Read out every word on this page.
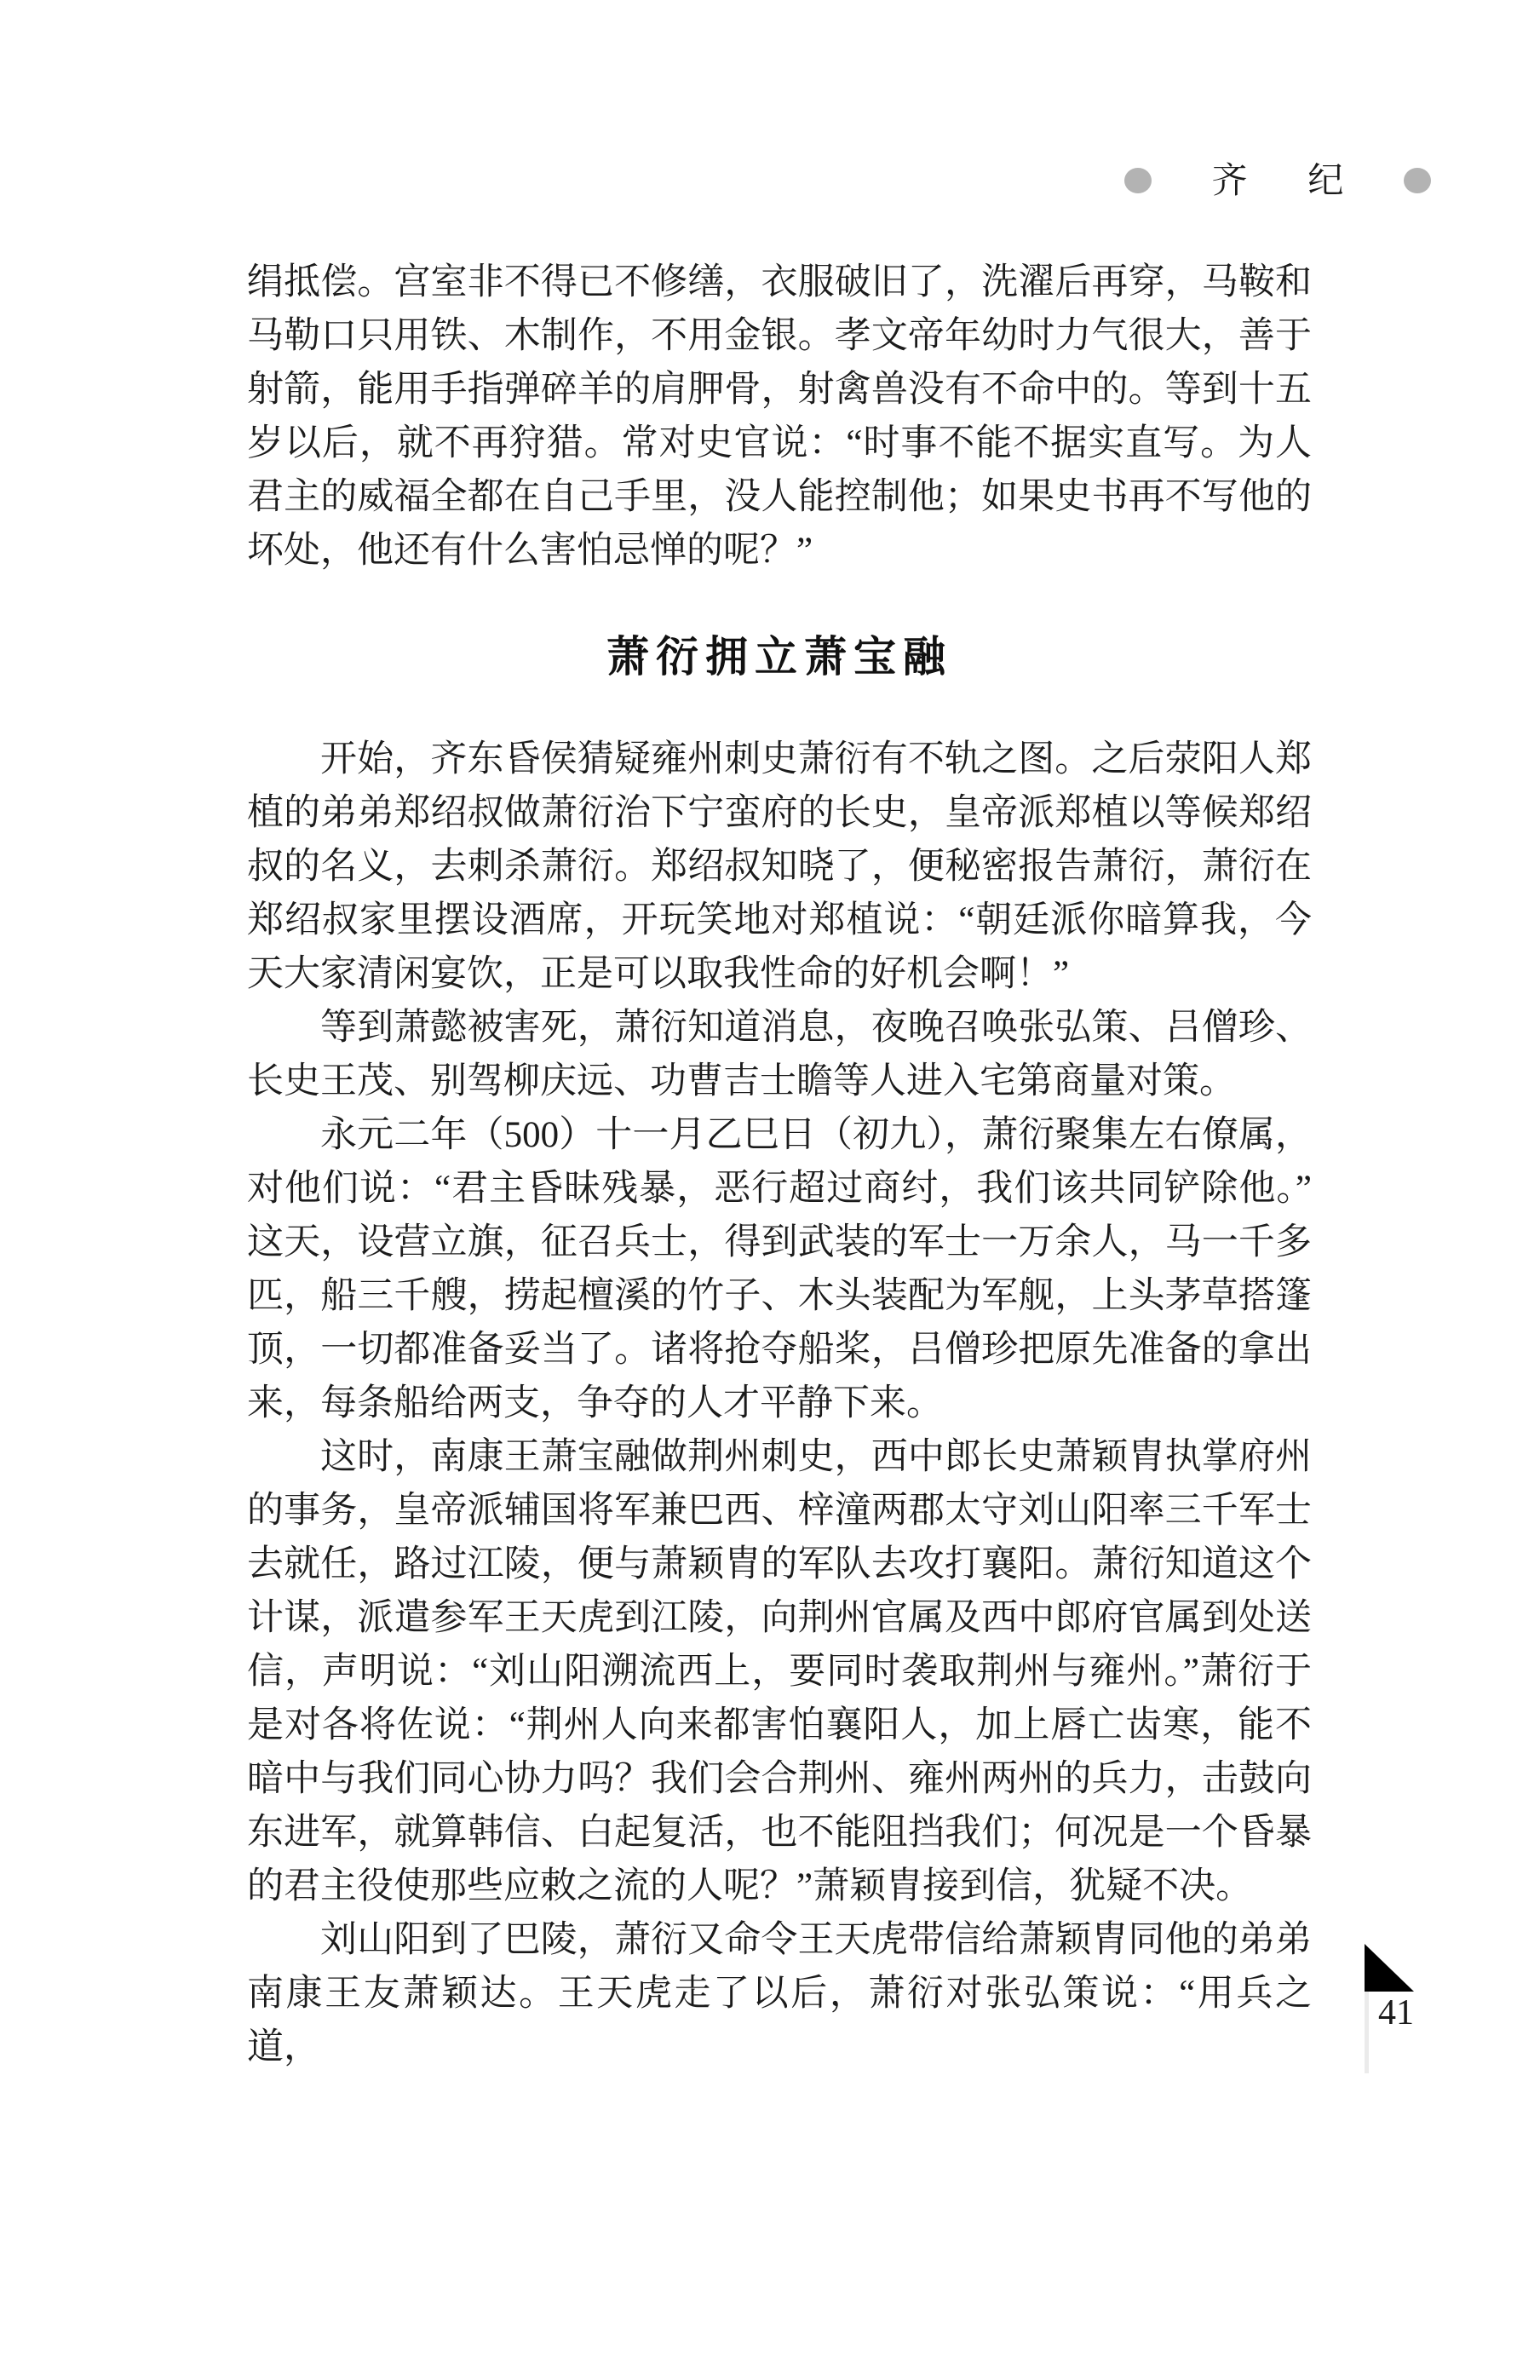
齐 纪

绢抵偿。宫室非不得已不修缮，衣服破旧了，洗濯后再穿，马鞍和马勒口只用铁、木制作，不用金银。孝文帝年幼时力气很大，善于射箭，能用手指弹碎羊的肩胛骨，射禽兽没有不命中的。等到十五岁以后，就不再狩猎。常对史官说：“时事不能不据实直写。为人君主的威福全都在自己手里，没人能控制他；如果史书再不写他的坏处，他还有什么害怕忌惮的呢？”

萧衍拥立萧宝融

开始，齐东昏侯猜疑雍州刺史萧衍有不轨之图。之后荥阳人郑植的弟弟郑绍叔做萧衍治下宁蛮府的长史，皇帝派郑植以等候郑绍叔的名义，去刺杀萧衍。郑绍叔知晓了，便秘密报告萧衍，萧衍在郑绍叔家里摆设酒席，开玩笑地对郑植说：“朝廷派你暗算我，今天大家清闲宴饮，正是可以取我性命的好机会啊！”

等到萧懿被害死，萧衍知道消息，夜晚召唤张弘策、吕僧珍、长史王茂、别驾柳庆远、功曹吉士瞻等人进入宅第商量对策。

永元二年（500）十一月乙巳日（初九），萧衍聚集左右僚属，对他们说：“君主昏昧残暴，恶行超过商纣，我们该共同铲除他。”这天，设营立旗，征召兵士，得到武装的军士一万余人，马一千多匹，船三千艘，捞起檀溪的竹子、木头装配为军舰，上头茅草搭篷顶，一切都准备妥当了。诸将抢夺船桨，吕僧珍把原先准备的拿出来，每条船给两支，争夺的人才平静下来。

这时，南康王萧宝融做荆州刺史，西中郎长史萧颖胄执掌府州的事务，皇帝派辅国将军兼巴西、梓潼两郡太守刘山阳率三千军士去就任，路过江陵，便与萧颖胄的军队去攻打襄阳。萧衍知道这个计谋，派遣参军王天虎到江陵，向荆州官属及西中郎府官属到处送信，声明说：“刘山阳溯流西上，要同时袭取荆州与雍州。”萧衍于是对各将佐说：“荆州人向来都害怕襄阳人，加上唇亡齿寒，能不暗中与我们同心协力吗？我们会合荆州、雍州两州的兵力，击鼓向东进军，就算韩信、白起复活，也不能阻挡我们；何况是一个昏暴的君主役使那些应敕之流的人呢？”萧颖胄接到信，犹疑不决。

刘山阳到了巴陵，萧衍又命令王天虎带信给萧颖胄同他的弟弟南康王友萧颖达。王天虎走了以后，萧衍对张弘策说：“用兵之道，

41
